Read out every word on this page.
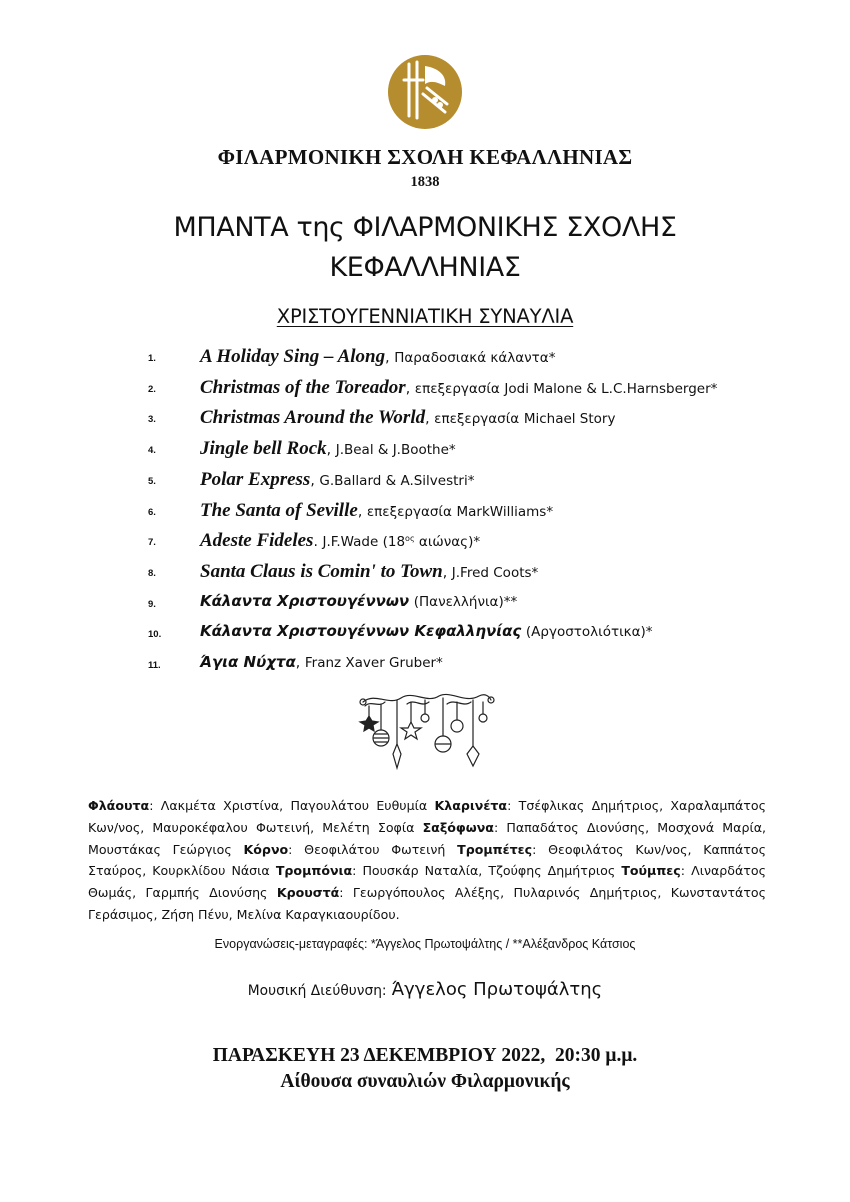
ΦΙΛΑΡΜΟΝΙΚΗ ΣΧΟΛΗ ΚΕΦΑΛΛΗΝΙΑΣ
1838
ΜΠΑΝΤΑ της ΦΙΛΑΡΜΟΝΙΚΗΣ ΣΧΟΛΗΣ
ΚΕΦΑΛΛΗΝΙΑΣ
ΧΡΙΣΤΟΥΓΕΝΝΙΑΤΙΚΗ ΣΥΝΑΥΛΙΑ
1. A Holiday Sing – Along, Παραδοσιακά κάλαντα*
2. Christmas of the Toreador, επεξεργασία Jodi Malone & L.C.Harnsberger*
3. Christmas Around the World, επεξεργασία Michael Story
4. Jingle bell Rock, J.Beal & J.Boothe*
5. Polar Express, G.Ballard & A.Silvestri*
6. The Santa of Seville, επεξεργασία MarkWilliams*
7. Adeste Fideles. J.F.Wade ($18^{o\varsigma}$ αιώνας)*
8. Santa Claus is Comin' to Town, J.Fred Coots*
9.	Κάλαντα Χριστουγέννων (Πανελλήνια)**
10.	Κάλαντα Χριστουγέννων Κεφαλληνίας (Αργοστολιότικα)*
11.	Άγια Νύχτα, Franz Xaver Gruber*
Φλάουτα: Λακμέτα Χριστίνα, Παγουλάτου Ευθυμία Κλαρινέτα: Τσέφλικας Δημήτριος, Χαραλαμπάτος Κων/νος, Μαυροκέφαλου Φωτεινή, Μελέτη Σοφία Σαξόφωνα: Παπαδάτος Διονύσης, Μοσχονά Μαρία, Μουστάκας Γεώργιος Κόρνο: Θεοφιλάτου Φωτεινή Τρομπέτες: Θεοφιλάτος Κων/νος, Καππάτος Σταύρος, Κουρκλίδου Νάσια Τρομπόνια: Πουσκάρ Ναταλία, Τζούφης Δημήτριος Τούμπες: Λιναρδάτος Θωμάς, Γαρμπής Διονύσης Κρουστά: Γεωργόπουλος Αλέξης, Πυλαρινός Δημήτριος, Κωνσταντάτος Γεράσιμος, Ζήση Πένυ, Μελίνα Καραγκιαουρίδου.
Ενοργανώσεις-μεταγραφές: *Άγγελος Πρωτοψάλτης / **Αλέξανδρος Κάτσιος
Μουσική Διεύθυνση: Άγγελος Πρωτοψάλτης
ΠΑΡΑΣΚΕΥΗ 23 ΔΕΚΕΜΒΡΙΟΥ 2022,  20:30 μ.μ.
Αίθουσα συναυλιών Φιλαρμονικής
